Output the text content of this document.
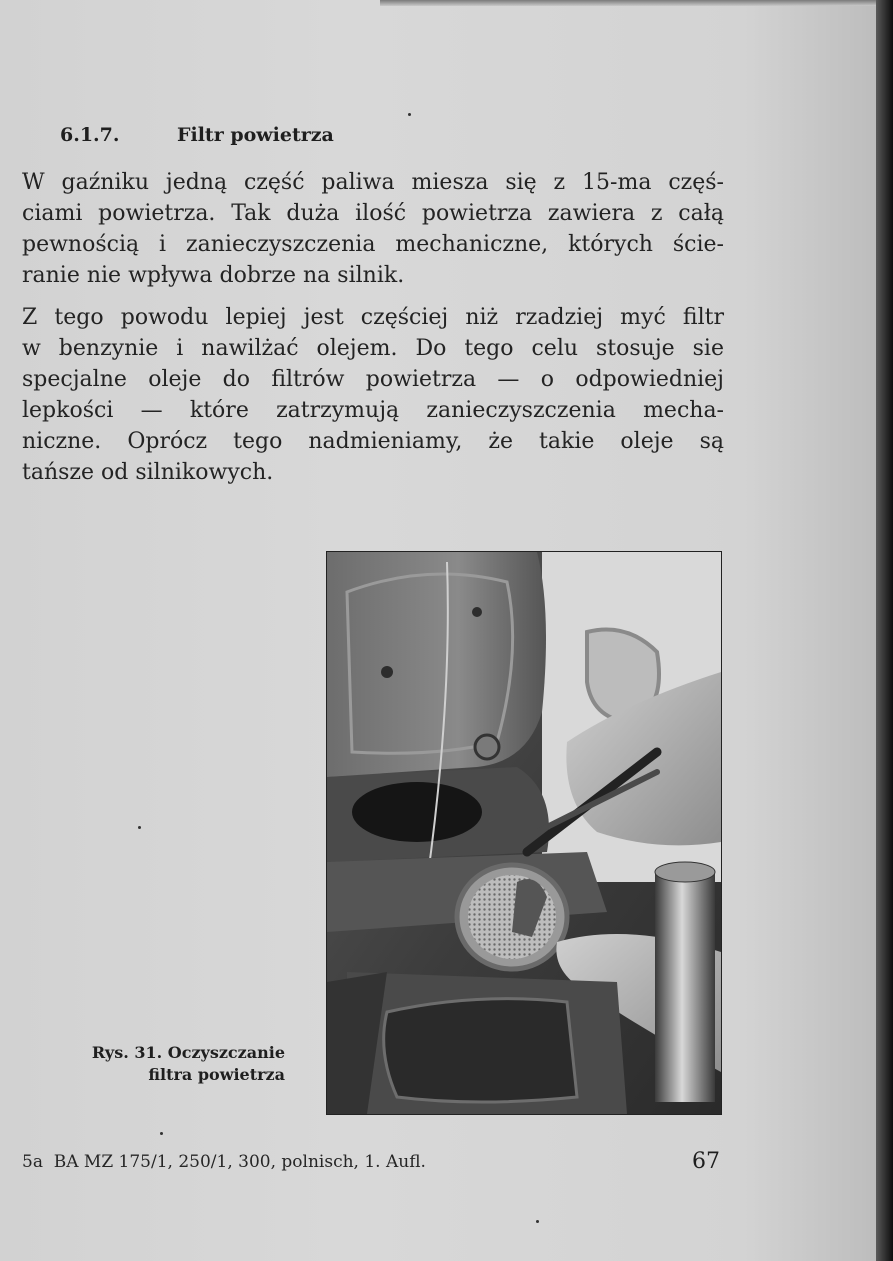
6.1.7.	Filtr powietrza
W gaźniku jedną część paliwa miesza się z 15-ma częś-
ciami powietrza. Tak duża ilość powietrza zawiera z całą
pewnością i zanieczyszczenia mechaniczne, których ście-
ranie nie wpływa dobrze na silnik.
Z tego powodu lepiej jest częściej niż rzadziej myć filtr
w benzynie i nawilżać olejem. Do tego celu stosuje sie
specjalne oleje do filtrów powietrza — o odpowiedniej
lepkości — które zatrzymują zanieczyszczenia mecha-
niczne. Oprócz tego nadmieniamy, że takie oleje są
tańsze od silnikowych.
Rys. 31. Oczyszczanie
filtra powietrza
5a  BA MZ 175/1, 250/1, 300, polnisch, 1. Aufl.	67
